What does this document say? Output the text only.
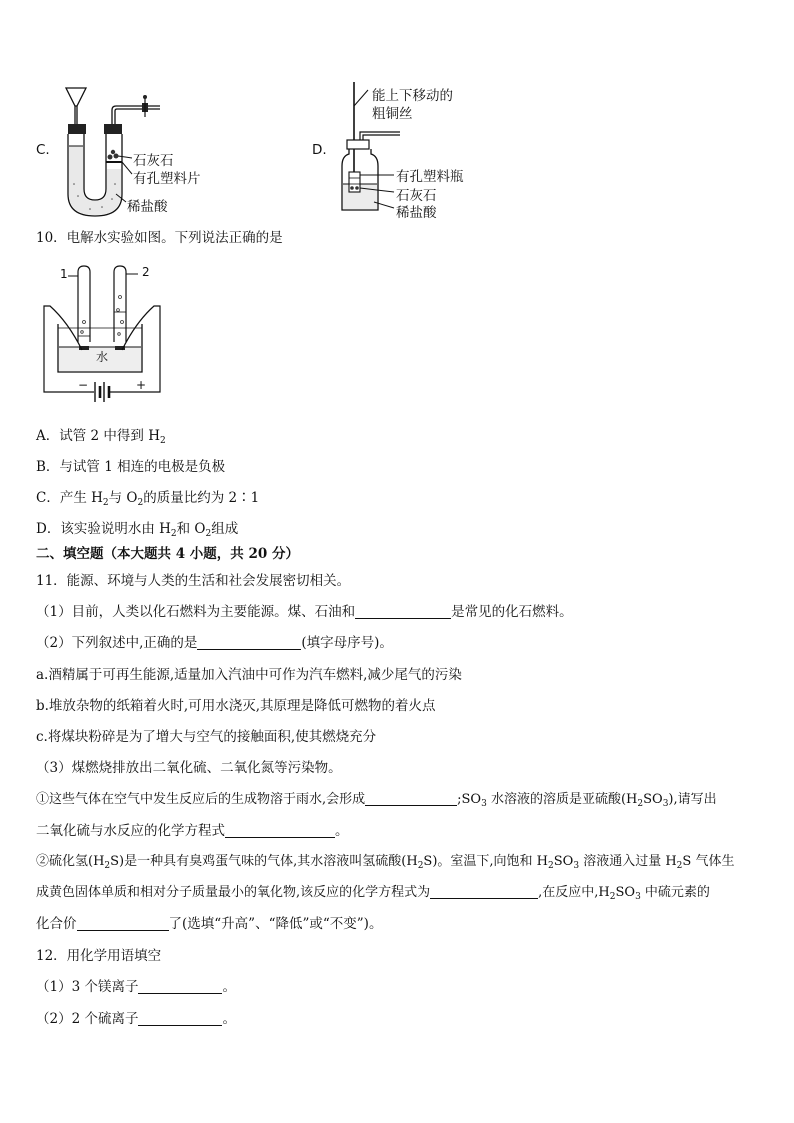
C.
石灰石
有孔塑料片
稀盐酸
D.
能上下移动的
粗铜丝
有孔塑料瓶
石灰石
稀盐酸
10．电解水实验如图。下列说法正确的是
1	2
水
−	+
A．试管 2 中得到 $H_2$
B．与试管 1 相连的电极是负极
C．产生 $H_2$与 $O_2$的质量比约为 2∶1
D．该实验说明水由 $H_2$和 $O_2$组成
二、填空题（本大题共 4 小题，共 20 分）
11．能源、环境与人类的生活和社会发展密切相关。
（1）目前，人类以化石燃料为主要能源。煤、石油和	是常见的化石燃料。
（2）下列叙述中,正确的是	(填字母序号)。
a.酒精属于可再生能源,适量加入汽油中可作为汽车燃料,减少尾气的污染
b.堆放杂物的纸箱着火时,可用水浇灭,其原理是降低可燃物的着火点
c.将煤块粉碎是为了增大与空气的接触面积,使其燃烧充分
（3）煤燃烧排放出二氧化硫、二氧化氮等污染物。
①这些气体在空气中发生反应后的生成物溶于雨水,会形成	$;SO_3$ 水溶液的溶质是亚硫酸$(H_2SO_3)$,请写出
二氧化硫与水反应的化学方程式	。
②硫化氢$(H_2S)$是一种具有臭鸡蛋气味的气体,其水溶液叫氢硫酸$(H_2S)$。室温下,向饱和 $H_2SO_3$ 溶液通入过量 $H_2S$ 气体生
成黄色固体单质和相对分子质量最小的氧化物,该反应的化学方程式为	,在反应中$,H_2SO_3$ 中硫元素的
化合价	了(选填“升高”、“降低”或“不变”)。
12．用化学用语填空
（1）3 个镁离子	。
（2）2 个硫离子	。
